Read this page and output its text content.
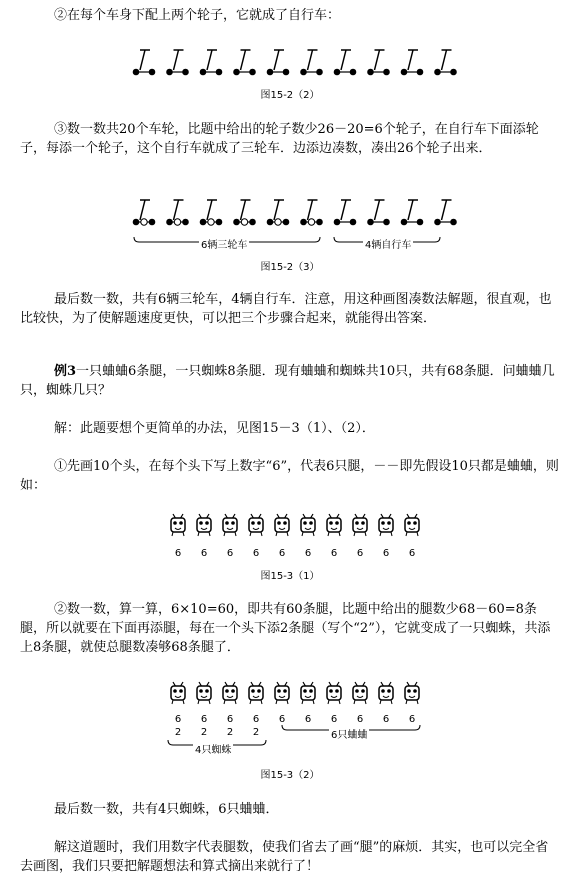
②在每个车身下配上两个轮子，它就成了自行车：

图15-2（2）

③数一数共20个车轮，比题中给出的轮子数少26－20=6个轮子，在自行车下面添轮子，每添一个轮子，这个自行车就成了三轮车．边添边凑数，凑出26个轮子出来．

6辆三轮车	4辆自行车
图15-2（3）

最后数一数，共有6辆三轮车，4辆自行车．注意，用这种画图凑数法解题，很直观，也比较快，为了使解题速度更快，可以把三个步骤合起来，就能得出答案．

例3一只蛐蛐6条腿，一只蜘蛛8条腿．现有蛐蛐和蜘蛛共10只，共有68条腿．问蛐蛐几只，蜘蛛几只？

解：此题要想个更简单的办法，见图15－3（1）、（2）．

①先画10个头，在每个头下写上数字“6”，代表6只腿，－－即先假设10只都是蛐蛐，则如：

6 6 6 6 6 6 6 6 6 6
图15-3（1）

②数一数，算一算，6×10=60，即共有60条腿，比题中给出的腿数少68－60=8条腿，所以就要在下面再添腿，每在一个头下添2条腿（写个“2”），它就变成了一只蜘蛛，共添上8条腿，就使总腿数凑够68条腿了．

6 6 6 6 6 6 6 6 6 6
2 2 2 2
4只蜘蛛
6只蛐蛐
图15-3（2）

最后数一数，共有4只蜘蛛，6只蛐蛐．

解这道题时，我们用数字代表腿数，使我们省去了画“腿”的麻烦．其实，也可以完全省去画图，我们只要把解题想法和算式摘出来就行了！
